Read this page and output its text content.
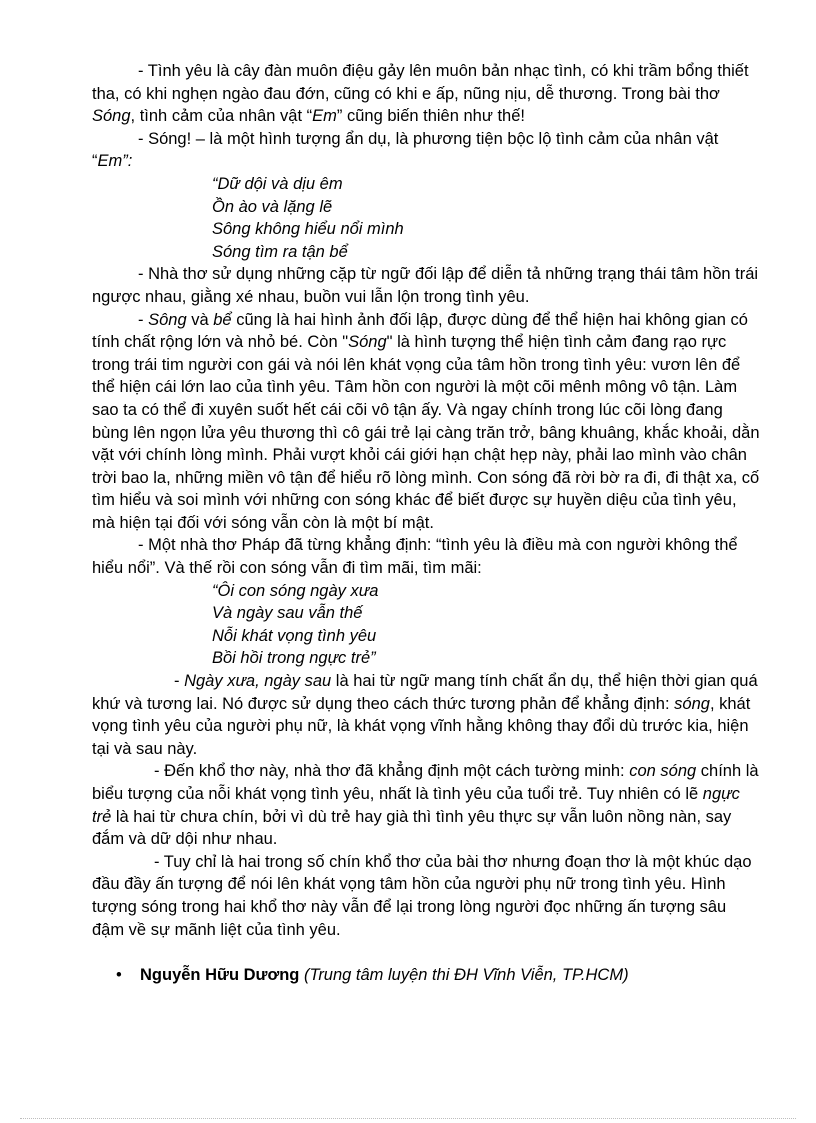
- Tình yêu là cây đàn muôn điệu gảy lên muôn bản nhạc tình, có khi trầm bổng thiết tha, có khi nghẹn ngào đau đớn, cũng có khi e ấp, nũng nịu, dễ thương. Trong bài thơ Sóng, tình cảm của nhân vật “Em” cũng biến thiên như thế!

- Sóng! – là một hình tượng ẩn dụ, là phương tiện bộc lộ tình cảm của nhân vật “Em”:

“Dữ dội và dịu êm
Ồn ào và lặng lẽ
Sông không hiểu nổi mình
Sóng tìm ra tận bể

- Nhà thơ sử dụng những cặp từ ngữ đối lập để diễn tả những trạng thái tâm hồn trái ngược nhau, giằng xé nhau, buồn vui lẫn lộn trong tình yêu.

- Sông và bể cũng là hai hình ảnh đối lập, được dùng để thể hiện hai không gian có tính chất rộng lớn và nhỏ bé. Còn "Sóng" là hình tượng thể hiện tình cảm đang rạo rực trong trái tim người con gái và nói lên khát vọng của tâm hồn trong tình yêu: vươn lên để thể hiện cái lớn lao của tình yêu. Tâm hồn con người là một cõi mênh mông vô tận. Làm sao ta có thể đi xuyên suốt hết cái cõi vô tận ấy. Và ngay chính trong lúc cõi lòng đang bùng lên ngọn lửa yêu thương thì cô gái trẻ lại càng trăn trở, bâng khuâng, khắc khoải, dằn vặt với chính lòng mình. Phải vượt khỏi cái giới hạn chật hẹp này, phải lao mình vào chân trời bao la, những miền vô tận để hiểu rõ lòng mình. Con sóng đã rời bờ ra đi, đi thật xa, cố tìm hiểu và soi mình với những con sóng khác để biết được sự huyền diệu của tình yêu, mà hiện tại đối với sóng vẫn còn là một bí mật.

- Một nhà thơ Pháp đã từng khẳng định: “tình yêu là điều mà con người không thể hiểu nổi”. Và thế rồi con sóng vẫn đi tìm mãi, tìm mãi:

“Ôi con sóng ngày xưa
Và ngày sau vẫn thế
Nỗi khát vọng tình yêu
Bồi hồi trong ngực trẻ”

- Ngày xưa, ngày sau là hai từ ngữ mang tính chất ẩn dụ, thể hiện thời gian quá khứ và tương lai. Nó được sử dụng theo cách thức tương phản để khẳng định: sóng, khát vọng tình yêu của người phụ nữ, là khát vọng vĩnh hằng không thay đổi dù trước kia, hiện tại và sau này.

- Đến khổ thơ này, nhà thơ đã khẳng định một cách tường minh: con sóng chính là biểu tượng của nỗi khát vọng tình yêu, nhất là tình yêu của tuổi trẻ. Tuy nhiên có lẽ ngực trẻ là hai từ chưa chín, bởi vì dù trẻ hay già thì tình yêu thực sự vẫn luôn nồng nàn, say đắm và dữ dội như nhau.

- Tuy chỉ là hai trong số chín khổ thơ của bài thơ nhưng đoạn thơ là một khúc dạo đầu đầy ấn tượng để nói lên khát vọng tâm hồn của người phụ nữ trong tình yêu. Hình tượng sóng trong hai khổ thơ này vẫn để lại trong lòng người đọc những ấn tượng sâu đậm về sự mãnh liệt của tình yêu.

• Nguyễn Hữu Dương (Trung tâm luyện thi ĐH Vĩnh Viễn, TP.HCM)
